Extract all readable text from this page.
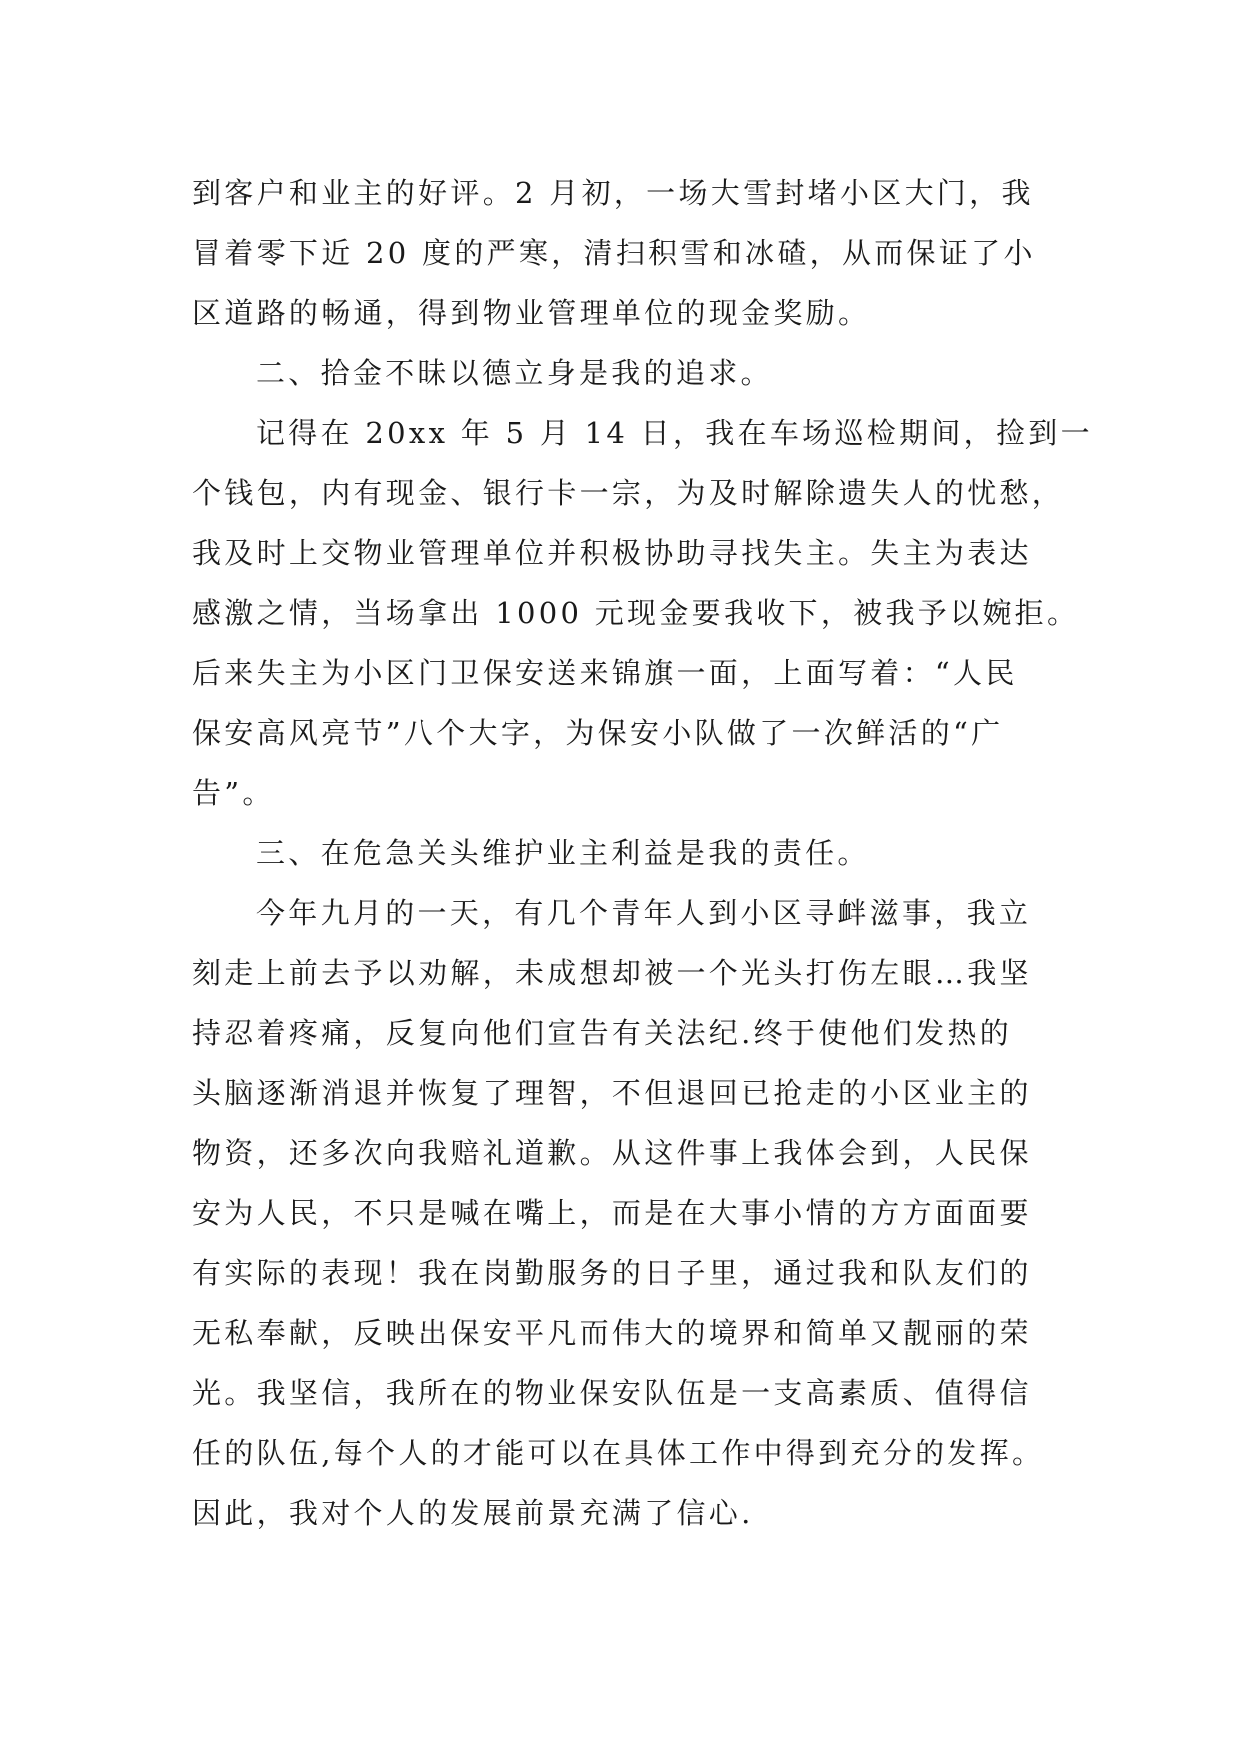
到客户和业主的好评。2 月初，一场大雪封堵小区大门，我

冒着零下近 20 度的严寒，清扫积雪和冰碴，从而保证了小

区道路的畅通，得到物业管理单位的现金奖励。

二、拾金不昧以德立身是我的追求。

记得在 20xx 年 5 月 14 日，我在车场巡检期间，捡到一

个钱包，内有现金、银行卡一宗，为及时解除遗失人的忧愁，

我及时上交物业管理单位并积极协助寻找失主。失主为表达

感激之情，当场拿出 1000 元现金要我收下，被我予以婉拒。

后来失主为小区门卫保安送来锦旗一面，上面写着：“人民

保安高风亮节”八个大字，为保安小队做了一次鲜活的“广

告”。

三、在危急关头维护业主利益是我的责任。

今年九月的一天，有几个青年人到小区寻衅滋事，我立

刻走上前去予以劝解，未成想却被一个光头打伤左眼…我坚

持忍着疼痛，反复向他们宣告有关法纪.终于使他们发热的

头脑逐渐消退并恢复了理智，不但退回已抢走的小区业主的

物资，还多次向我赔礼道歉。从这件事上我体会到，人民保

安为人民，不只是喊在嘴上，而是在大事小情的方方面面要

有实际的表现！我在岗勤服务的日子里，通过我和队友们的

无私奉献，反映出保安平凡而伟大的境界和简单又靓丽的荣

光。我坚信，我所在的物业保安队伍是一支高素质、值得信

任的队伍,每个人的才能可以在具体工作中得到充分的发挥。

因此，我对个人的发展前景充满了信心.
